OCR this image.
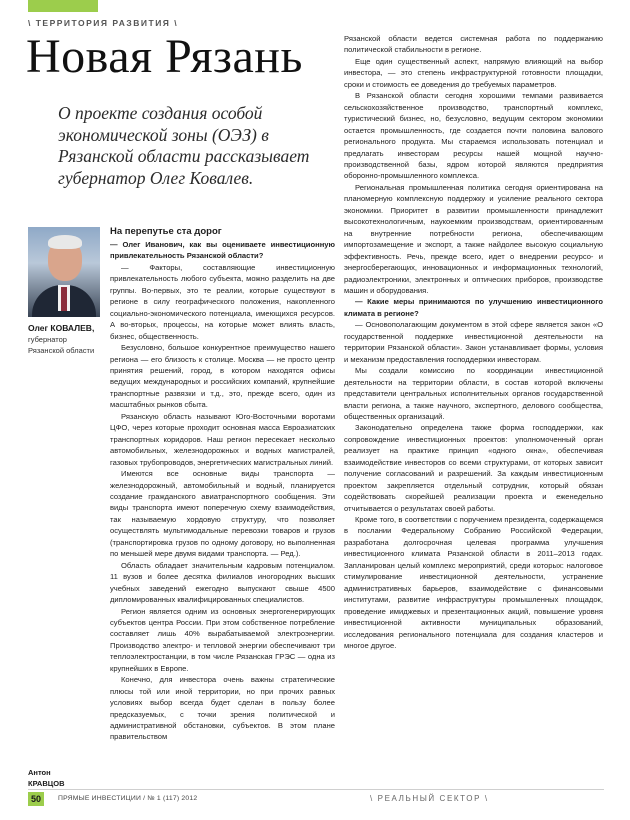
\ ТЕРРИТОРИЯ РАЗВИТИЯ \
Новая Рязань
О проекте создания особой экономической зоны (ОЭЗ) в Рязанской области рассказывает губернатор Олег Ковалев.
Олег КОВАЛЕВ,
губернатор
Рязанской области
На перепутье ста дорог

— Олег Иванович, как вы оцениваете инвестиционную привлекательность Рязанской области?

— Факторы, составляющие инвестиционную привлекательность любого субъекта, можно разделить на две группы. Во-первых, это те реалии, которые существуют в регионе в силу географического положения, накопленного социально-экономического потенциала, имеющихся ресурсов. А во-вторых, процессы, на которые может влиять власть, бизнес, общественность.

Безусловно, большое конкурентное преимущество нашего региона — его близость к столице. Москва — не просто центр принятия решений, город, в котором находятся офисы ведущих международных и российских компаний, крупнейшие транспортные развязки и т.д., это, прежде всего, один из масштабных рынков сбыта.

Рязанскую область называют Юго-Восточными воротами ЦФО, через которые проходит основная масса Евроазиатских транспортных коридоров. Наш регион пересекает несколько автомобильных, железнодорожных и водных магистралей, газовых трубопроводов, энергетических магистральных линий.

Имеются все основные виды транспорта — железнодорожный, автомобильный и водный, планируется создание гражданского авиатранспортного сообщения. Эти виды транспорта имеют поперечную схему взаимодействия, так называемую хордовую структуру, что позволяет осуществлять мультимодальные перевозки товаров и грузов (транспортировка грузов по одному договору, но выполненная по меньшей мере двумя видами транспорта. — Ред.).

Область обладает значительным кадровым потенциалом. 11 вузов и более десятка филиалов иногородних высших учебных заведений ежегодно выпускают свыше 4500 дипломированных квалифицированных специалистов.

Регион является одним из основных энергогенерирующих субъектов центра России. При этом собственное потребление составляет лишь 40% вырабатываемой электроэнергии. Производство электро- и тепловой энергии обеспечивают три теплоэлектростанции, в том числе Рязанская ГРЭС — одна из крупнейших в Европе.

Конечно, для инвестора очень важны стратегические плюсы той или иной территории, но при прочих равных условиях выбор всегда будет сделан в пользу более предсказуемых, с точки зрения политической и административной обстановки, субъектов. В этом плане правительством

Рязанской области ведется системная работа по поддержанию политической стабильности в регионе.

Еще один существенный аспект, напрямую влияющий на выбор инвестора, — это степень инфраструктурной готовности площадки, сроки и стоимость ее доведения до требуемых параметров.

В Рязанской области сегодня хорошими темпами развивается сельскохозяйственное производство, транспортный комплекс, туристический бизнес, но, безусловно, ведущим сектором экономики остается промышленность, где создается почти половина валового регионального продукта. Мы стараемся использовать потенциал и предлагать инвесторам ресурсы нашей мощной научно-производственной базы, ядром которой являются предприятия оборонно-промышленного комплекса.

Региональная промышленная политика сегодня ориентирована на планомерную комплексную поддержку и усиление реального сектора экономики. Приоритет в развитии промышленности принадлежит высокотехнологичным, наукоемким производствам, ориентированным на внутренние потребности региона, обеспечивающим импортозамещение и экспорт, а также найдолее высокую социальную эффективность. Речь, прежде всего, идет о внедрении ресурсо- и энергосберегающих, инновационных и информационных технологий, радиоэлектроники, электронных и оптических приборов, производстве машин и оборудования.

— Какие меры принимаются по улучшению инвестиционного климата в регионе?

— Основополагающим документом в этой сфере является закон «О государственной поддержке инвестиционной деятельности на территории Рязанской области». Закон устанавливает формы, условия и механизм предоставления господдержки инвесторам.

Мы создали комиссию по координации инвестиционной деятельности на территории области, в состав которой включены представители центральных исполнительных органов государственной власти региона, а также научного, экспертного, делового сообщества, общественных организаций.

Законодательно определена также форма господдержки, как сопровождение инвестиционных проектов: уполномоченный орган реализует на практике принцип «одного окна», обеспечивая взаимодействие инвесторов со всеми структурами, от которых зависит получение согласований и разрешений. За каждым инвестиционным проектом закрепляется отдельный сотрудник, который обязан содействовать скорейшей реализации проекта и еженедельно отчитывается о результатах своей работы.

Кроме того, в соответствии с поручением президента, содержащемся в послании Федеральному Собранию Российской Федерации, разработана долгосрочная целевая программа улучшения инвестиционного климата Рязанской области в 2011–2013 годах. Запланирован целый комплекс мероприятий, среди которых: налоговое стимулирование инвестиционной деятельности, устранение административных барьеров, взаимодействие с финансовыми институтами, развитие инфраструктуры промышленных площадок, проведение имиджевых и презентационных акций, повышение уровня инвестиционной активности муниципальных образований, исследования регионального потенциала для создания кластеров и многое другое.

Антон
КРАВЦОВ
50	ПРЯМЫЕ ИНВЕСТИЦИИ / № 1 (117) 2012	\ РЕАЛЬНЫЙ СЕКТОР \
